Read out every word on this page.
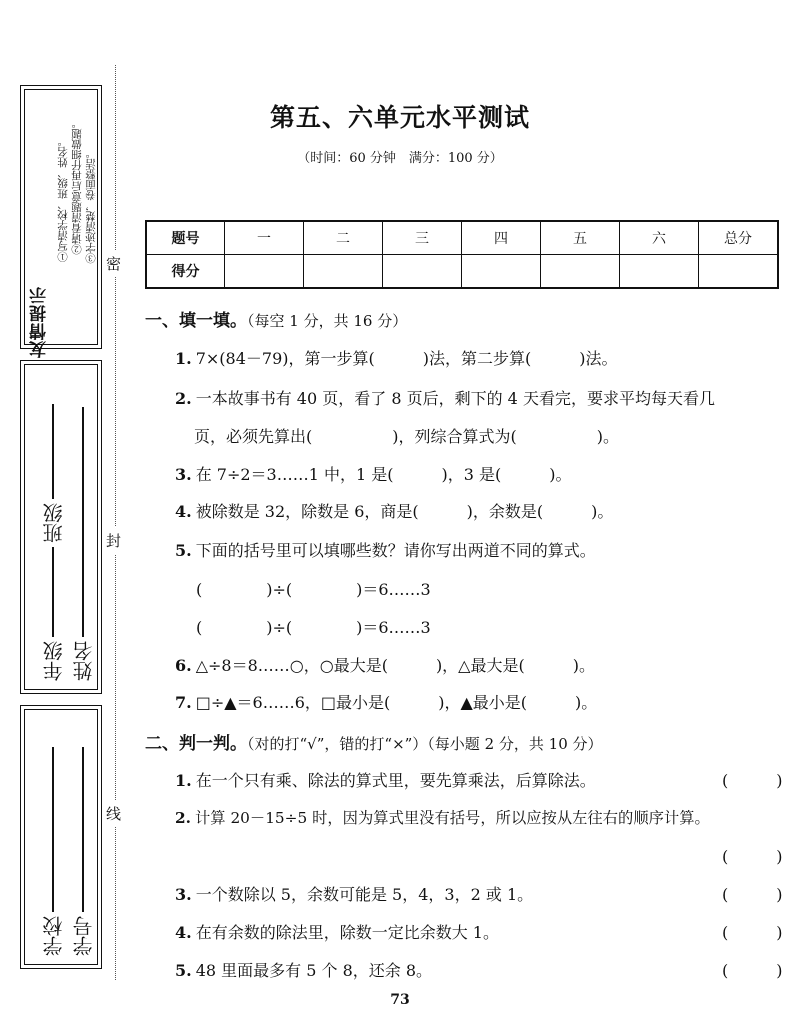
友情提示
①写清学校、班级、姓名。 ②请看清题意后再仔细做题。 ③字迹清楚，卷面整洁。
年级
班级
姓名
学校 学号
密
封
线
第五、六单元水平测试
（时间：60 分钟　满分：100 分）
题号	一	二	三	四	五	六	总分
得分							
一、填一填。（每空 1 分，共 16 分）
1. 7×(84－79)，第一步算(　　　)法，第二步算(　　　)法。
2. 一本故事书有 40 页，看了 8 页后，剩下的 4 天看完，要求平均每天看几
页，必须先算出(　　　　　)，列综合算式为(　　　　　)。
3. 在 7÷2＝3……1 中，1 是(　　　)，3 是(　　　)。
4. 被除数是 32，除数是 6，商是(　　　)，余数是(　　　)。
5. 下面的括号里可以填哪些数？请你写出两道不同的算式。
(　　　　)÷(　　　　)＝6……3
(　　　　)÷(　　　　)＝6……3
6. △÷8＝8……○，○最大是(　　　)，△最大是(　　　)。
7. □÷▲＝6……6，□最小是(　　　)，▲最小是(　　　)。
二、判一判。（对的打“√”，错的打“×”）（每小题 2 分，共 10 分）
1. 在一个只有乘、除法的算式里，要先算乘法，后算除法。	(　　　)
2. 计算 20－15÷5 时，因为算式里没有括号，所以应按从左往右的顺序计算。
(　　　)
3. 一个数除以 5，余数可能是 5，4，3，2 或 1。	(　　　)
4. 在有余数的除法里，除数一定比余数大 1。	(　　　)
5. 48 里面最多有 5 个 8，还余 8。	(　　　)
73
